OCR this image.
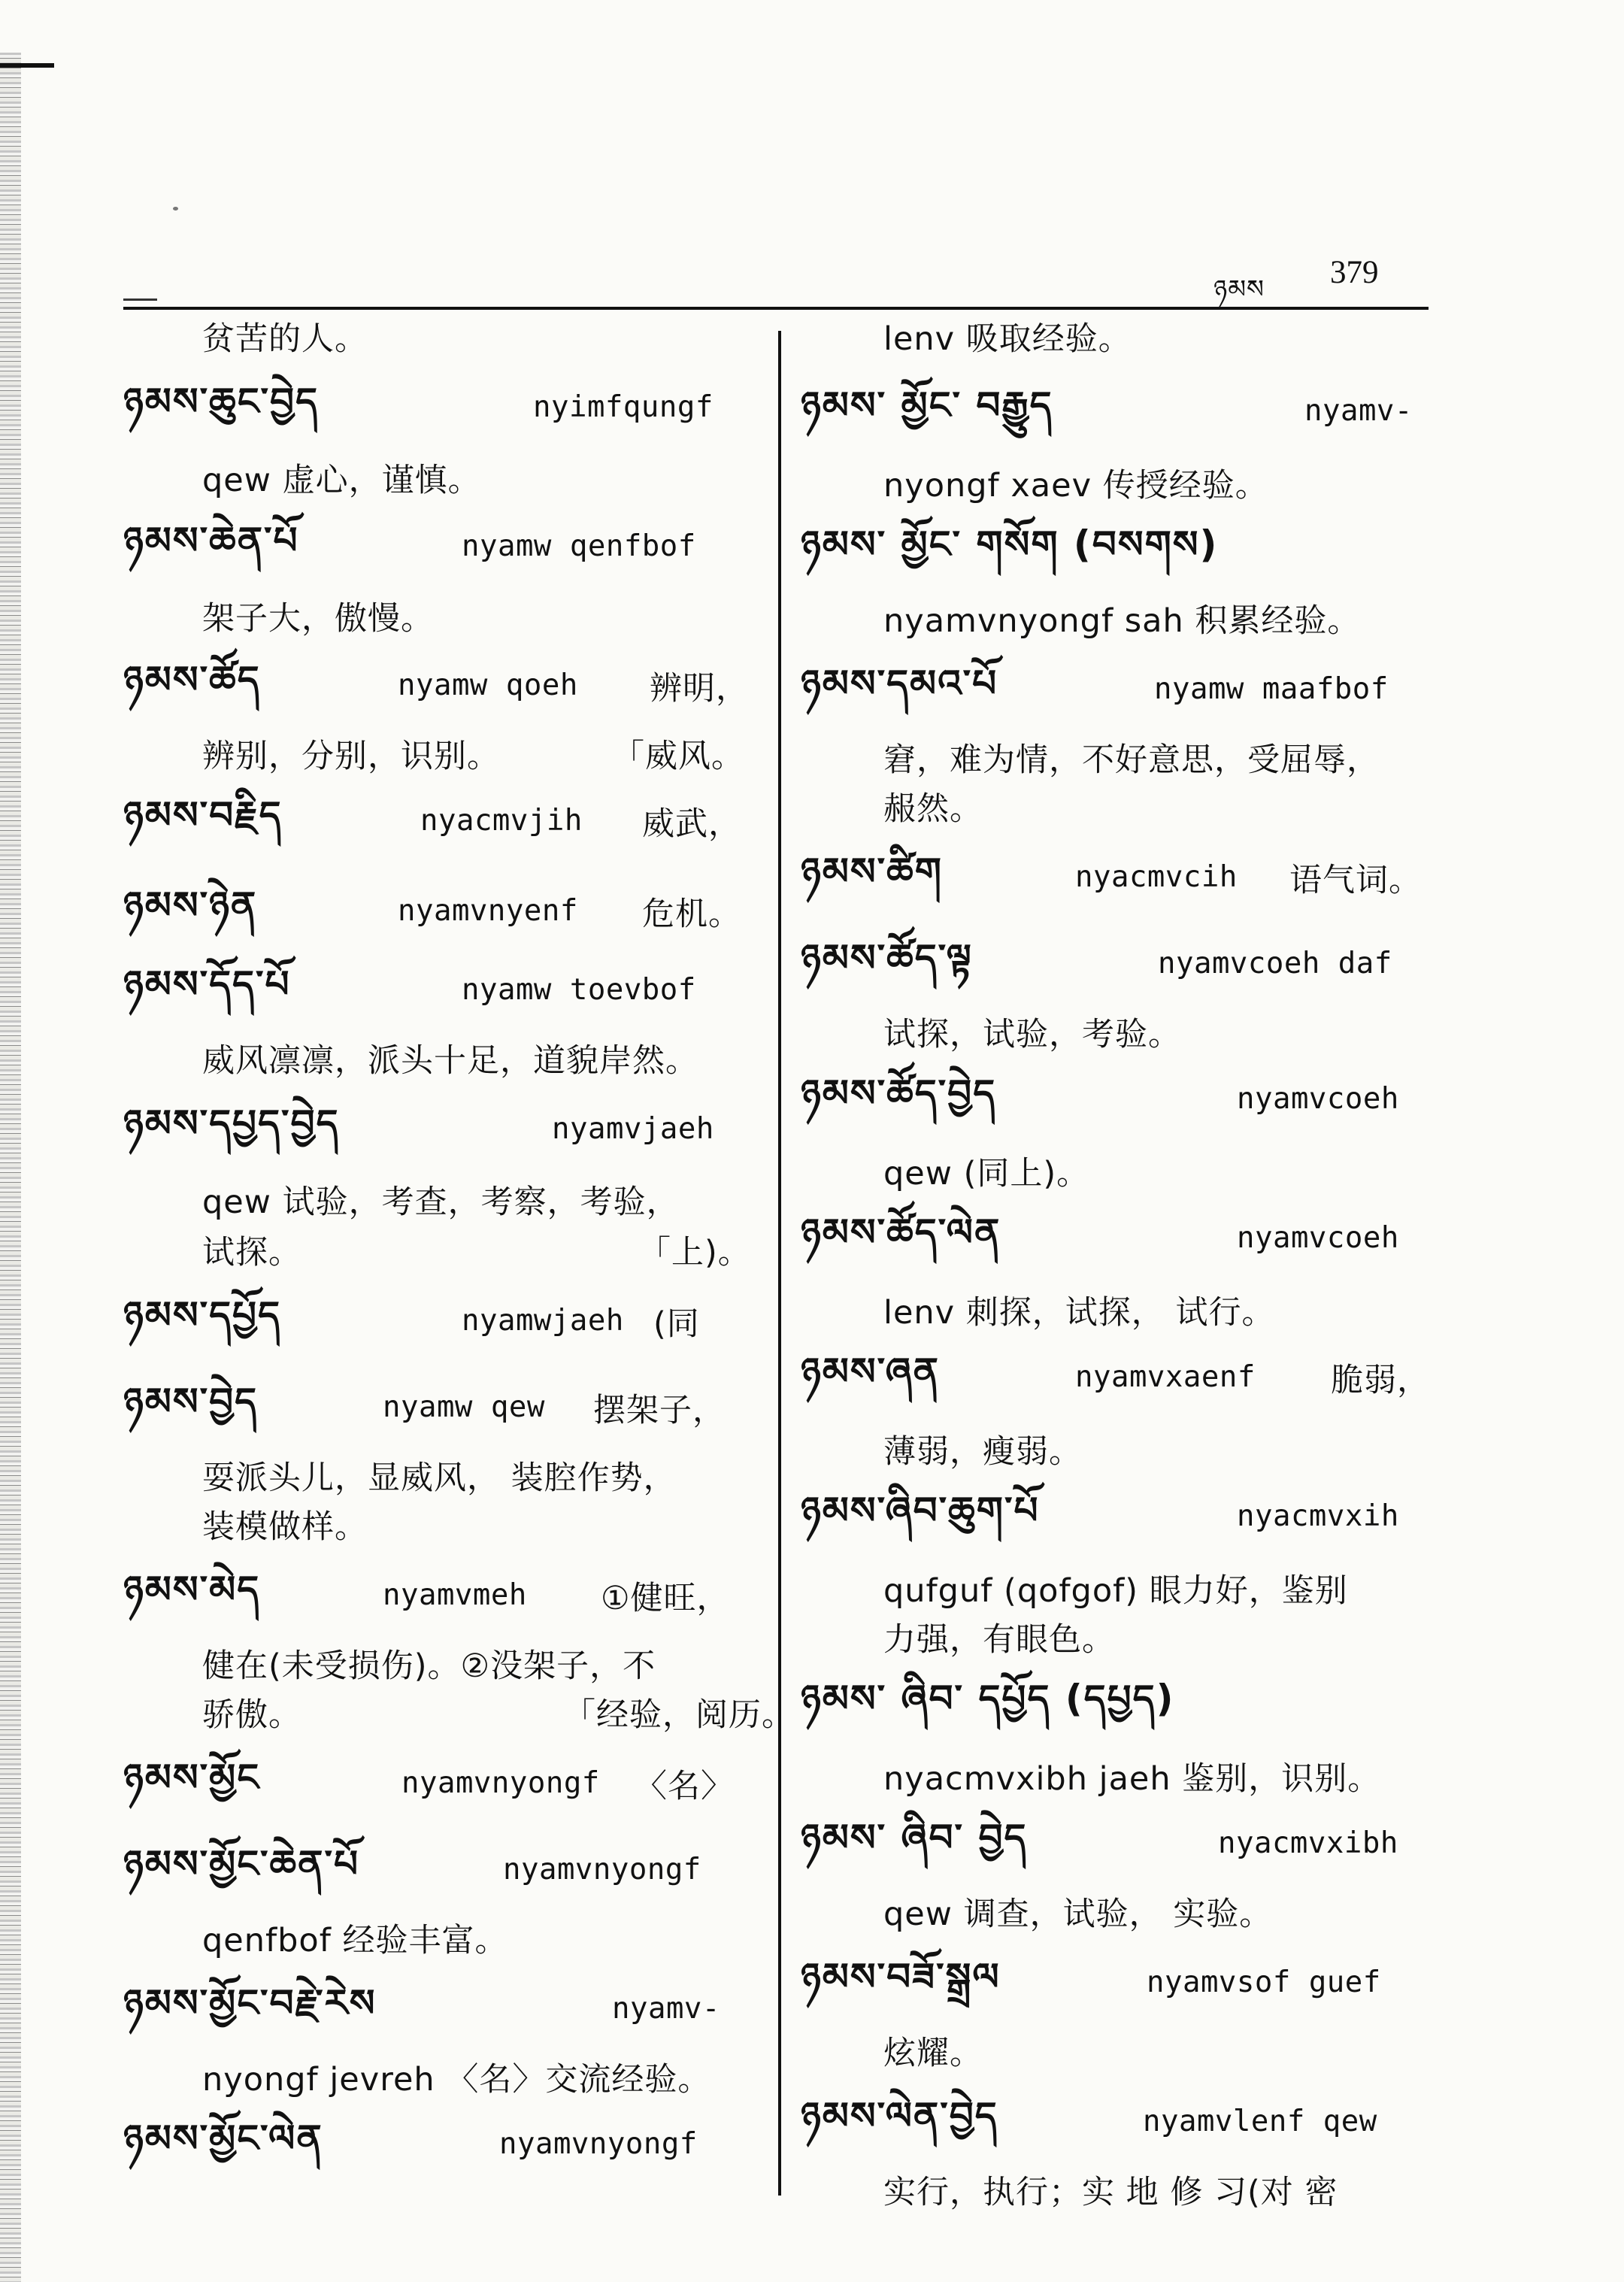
ཉམས 379
贫苦的人。
ཉམས་ཆུང་བྱེད	nyimfqungf
qew 虚心，谨慎。
ཉམས་ཆེན་པོ	nyamw qenfbof
架子大，傲慢。
ཉམས་ཚོད	nyamw qoeh 辨明，
辨别，分别，识别。	「威风。
ཉམས་བརྗིད	nyacmvjih 威武，
ཉམས་ཉེན	nyamvnyenf 危机。
ཉམས་དོད་པོ	nyamw toevbof
威风凛凛，派头十足，道貌岸然。
ཉམས་དཔྱད་བྱེད	nyamvjaeh
qew 试验，考查，考察，考验，
试探。	「上)。
ཉམས་དཔྱོད	nyamwjaeh (同
ཉམས་བྱེད	nyamw qew 摆架子，
耍派头儿，显威风， 装腔作势，
装模做样。
ཉམས་མེད	nyamvmeh ①健旺，
健在(未受损伤)。②没架子，不
骄傲。	「经验，阅历。
ཉམས་མྱོང	nyamvnyongf 〈名〉
ཉམས་མྱོང་ཆེན་པོ	nyamvnyongf
qenfbof 经验丰富。
ཉམས་མྱོང་བརྗེ་རེས	nyamv-
nyongf jevreh 〈名〉交流经验。
ཉམས་མྱོང་ལེན	nyamvnyongf
lenv 吸取经验。
ཉམས་ མྱོང་ བརྒྱུད	nyamv-
nyongf xaev 传授经验。
ཉམས་ མྱོང་ གསོག (བསགས)
nyamvnyongf sah 积累经验。
ཉམས་དམའ་པོ	nyamw maafbof
窘，难为情，不好意思，受屈辱，
赧然。
ཉམས་ཚིག	nyacmvcih 语气词。
ཉམས་ཚོད་ལྟ	nyamvcoeh daf
试探，试验，考验。
ཉམས་ཚོད་བྱེད	nyamvcoeh
qew (同上)。
ཉམས་ཚོད་ལེན	nyamvcoeh
lenv 刺探，试探， 试行。
ཉམས་ཞན	nyamvxaenf 脆弱，
薄弱，瘦弱。
ཉམས་ཞིབ་ཆུག་པོ	nyacmvxih
qufguf (qofgof) 眼力好，鉴别
力强，有眼色。
ཉམས་ ཞིབ་ དཔྱོད (དཔྱད)
nyacmvxibh jaeh 鉴别，识别。
ཉམས་ ཞིབ་ བྱེད	nyacmvxibh
qew 调查，试验， 实验。
ཉམས་བཟོ་སྒྲལ	nyamvsof guef
炫耀。
ཉམས་ལེན་བྱེད	nyamvlenf qew
实行，执行；实 地 修 习(对 密
